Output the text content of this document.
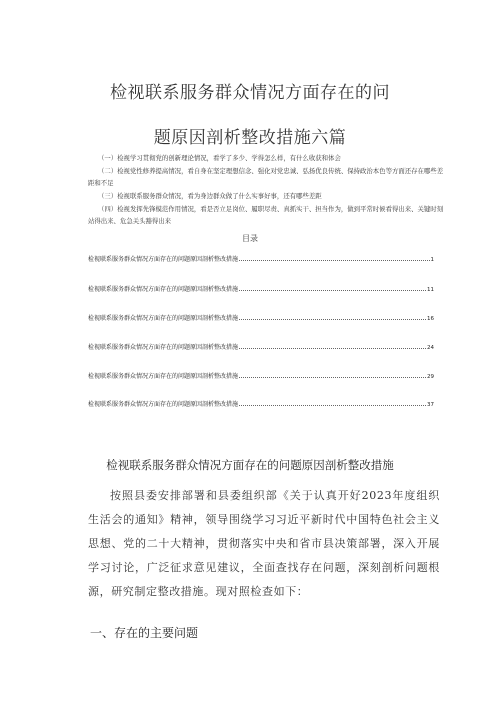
检视联系服务群众情况方面存在的问
题原因剖析整改措施六篇
（一）检视学习贯彻党的创新理论情况，看学了多少、学得怎么样，有什么收获和体会
（二）检视党性修养提高情况，看自身在坚定理想信念、强化对党忠诚、弘扬优良传统、保持政治本色等方面还存在哪些差距和不足
（三）检视联系服务群众情况，看为身边群众做了什么实事好事，还有哪些差距
（四）检视发挥先锋模范作用情况，看是否立足岗位、履职尽责、真抓实干、担当作为，做到平常时候看得出来、关键时刻站得出来、危急关头豁得出来
目录
检视联系服务群众情况方面存在的问题原因剖析整改措施	1
检视联系服务群众情况方面存在的问题原因剖析整改措施	11
检视联系服务群众情况方面存在的问题原因剖析整改措施	16
检视联系服务群众情况方面存在的问题原因剖析整改措施	24
检视联系服务群众情况方面存在的问题原因剖析整改措施	29
检视联系服务群众情况方面存在的问题原因剖析整改措施	37
检视联系服务群众情况方面存在的问题原因剖析整改措施
按照县委安排部署和县委组织部《关于认真开好2023年度组织生活会的通知》精神，领导围绕学习习近平新时代中国特色社会主义思想、党的二十大精神，贯彻落实中央和省市县决策部署，深入开展学习讨论，广泛征求意见建议，全面查找存在问题，深刻剖析问题根源，研究制定整改措施。现对照检查如下：
一、存在的主要问题
